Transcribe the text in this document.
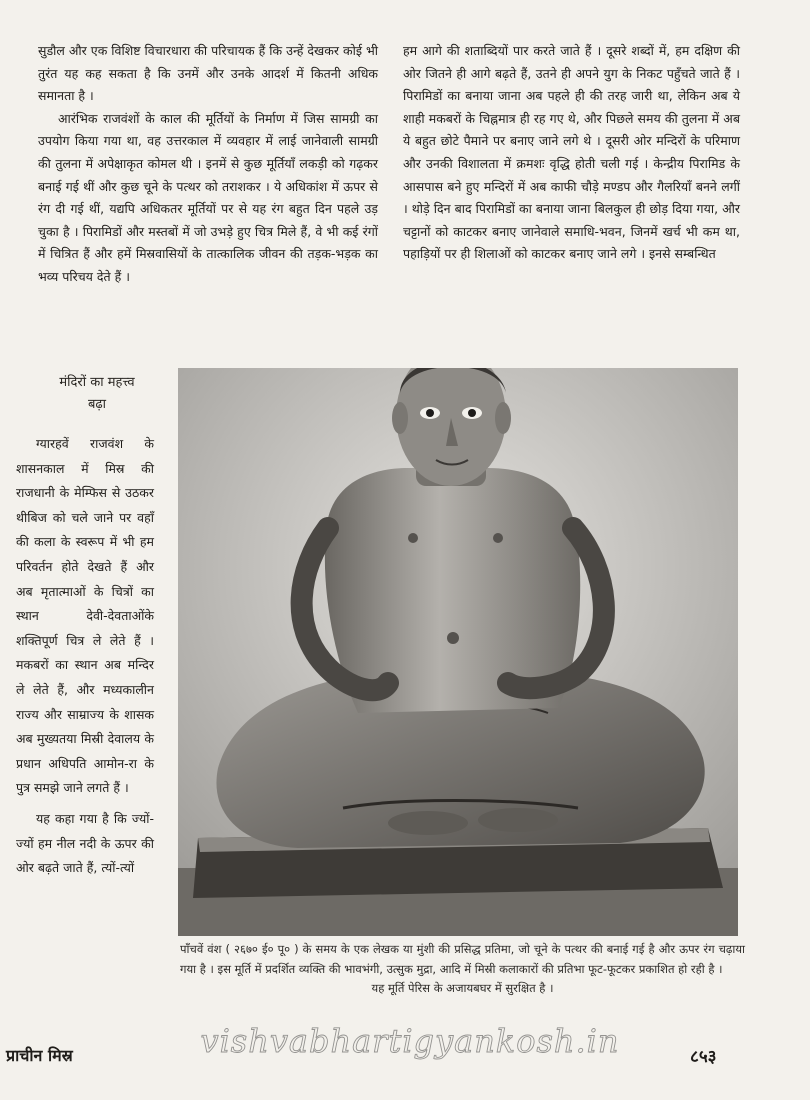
सुडौल और एक विशिष्ट विचारधारा की परिचायक हैं कि उन्हें देखकर कोई भी तुरंत यह कह सकता है कि उनमें और उनके आदर्श में कितनी अधिक समानता है ।

आरंभिक राजवंशों के काल की मूर्तियों के निर्माण में जिस सामग्री का उपयोग किया गया था, वह उत्तरकाल में व्यवहार में लाई जानेवाली सामग्री की तुलना में अपेक्षाकृत कोमल थी । इनमें से कुछ मूर्तियाँ लकड़ी को गढ़कर बनाई गई थीं और कुछ चूने के पत्थर को तराशकर । ये अधिकांश में ऊपर से रंग दी गई थीं, यद्यपि अधिकतर मूर्तियों पर से यह रंग बहुत दिन पहले उड़ चुका है । पिरामिडों और मस्तबों में जो उभड़े हुए चित्र मिले हैं, वे भी कई रंगों में चित्रित हैं और हमें मिस्रवासियों के तात्कालिक जीवन की तड़क-भड़क का भव्य परिचय देते हैं ।

हम आगे की शताब्दियों पार करते जाते हैं । दूसरे शब्दों में, हम दक्षिण की ओर जितने ही आगे बढ़ते हैं, उतने ही अपने युग के निकट पहुँचते जाते हैं । पिरामिडों का बनाया जाना अब पहले ही की तरह जारी था, लेकिन अब ये शाही मकबरों के चिह्नमात्र ही रह गए थे, और पिछले समय की तुलना में अब ये बहुत छोटे पैमाने पर बनाए जाने लगे थे । दूसरी ओर मन्दिरों के परिमाण और उनकी विशालता में क्रमशः वृद्धि होती चली गई । केन्द्रीय पिरामिड के आसपास बने हुए मन्दिरों में अब काफी चौड़े मण्डप और गैलरियाँ बनने लगीं । थोड़े दिन बाद पिरामिडों का बनाया जाना बिलकुल ही छोड़ दिया गया, और चट्टानों को काटकर बनाए जानेवाले समाधि-भवन, जिनमें खर्च भी कम था, पहाड़ियों पर ही शिलाओं को काटकर बनाए जाने लगे । इनसे सम्बन्धित

मंदिरों का महत्त्व
बढ़ा

ग्यारहवें राजवंश के शासनकाल में मिस्र की राजधानी के मेम्फिस से उठकर थीबिज को चले जाने पर वहाँ की कला के स्वरूप में भी हम परिवर्तन होते देखते हैं और अब मृतात्माओं के चित्रों का स्थान देवी-देवताओंके शक्तिपूर्ण चित्र ले लेते हैं । मकबरों का स्थान अब मन्दिर ले लेते हैं, और मध्यकालीन राज्य और साम्राज्य के शासक अब मुख्यतया मिस्री देवालय के प्रधान अधिपति आमोन-रा के पुत्र समझे जाने लगते हैं ।

यह कहा गया है कि ज्यों-ज्यों हम नील नदी के ऊपर की ओर बढ़ते जाते हैं, त्यों-त्यों

पाँचवें वंश ( २६७० ई० पू० ) के समय के एक लेखक या मुंशी की प्रसिद्ध प्रतिमा, जो चूने के पत्थर की बनाई गई है और ऊपर रंग चढ़ाया गया है । इस मूर्ति में प्रदर्शित व्यक्ति की भावभंगी, उत्सुक मुद्रा, आदि में मिस्री कलाकारों की प्रतिभा फूट-फूटकर प्रकाशित हो रही है ।

यह मूर्ति पेरिस के अजायबघर में सुरक्षित है ।

vishvabhartigyankosh.in
प्राचीन मिस्र	८५३
